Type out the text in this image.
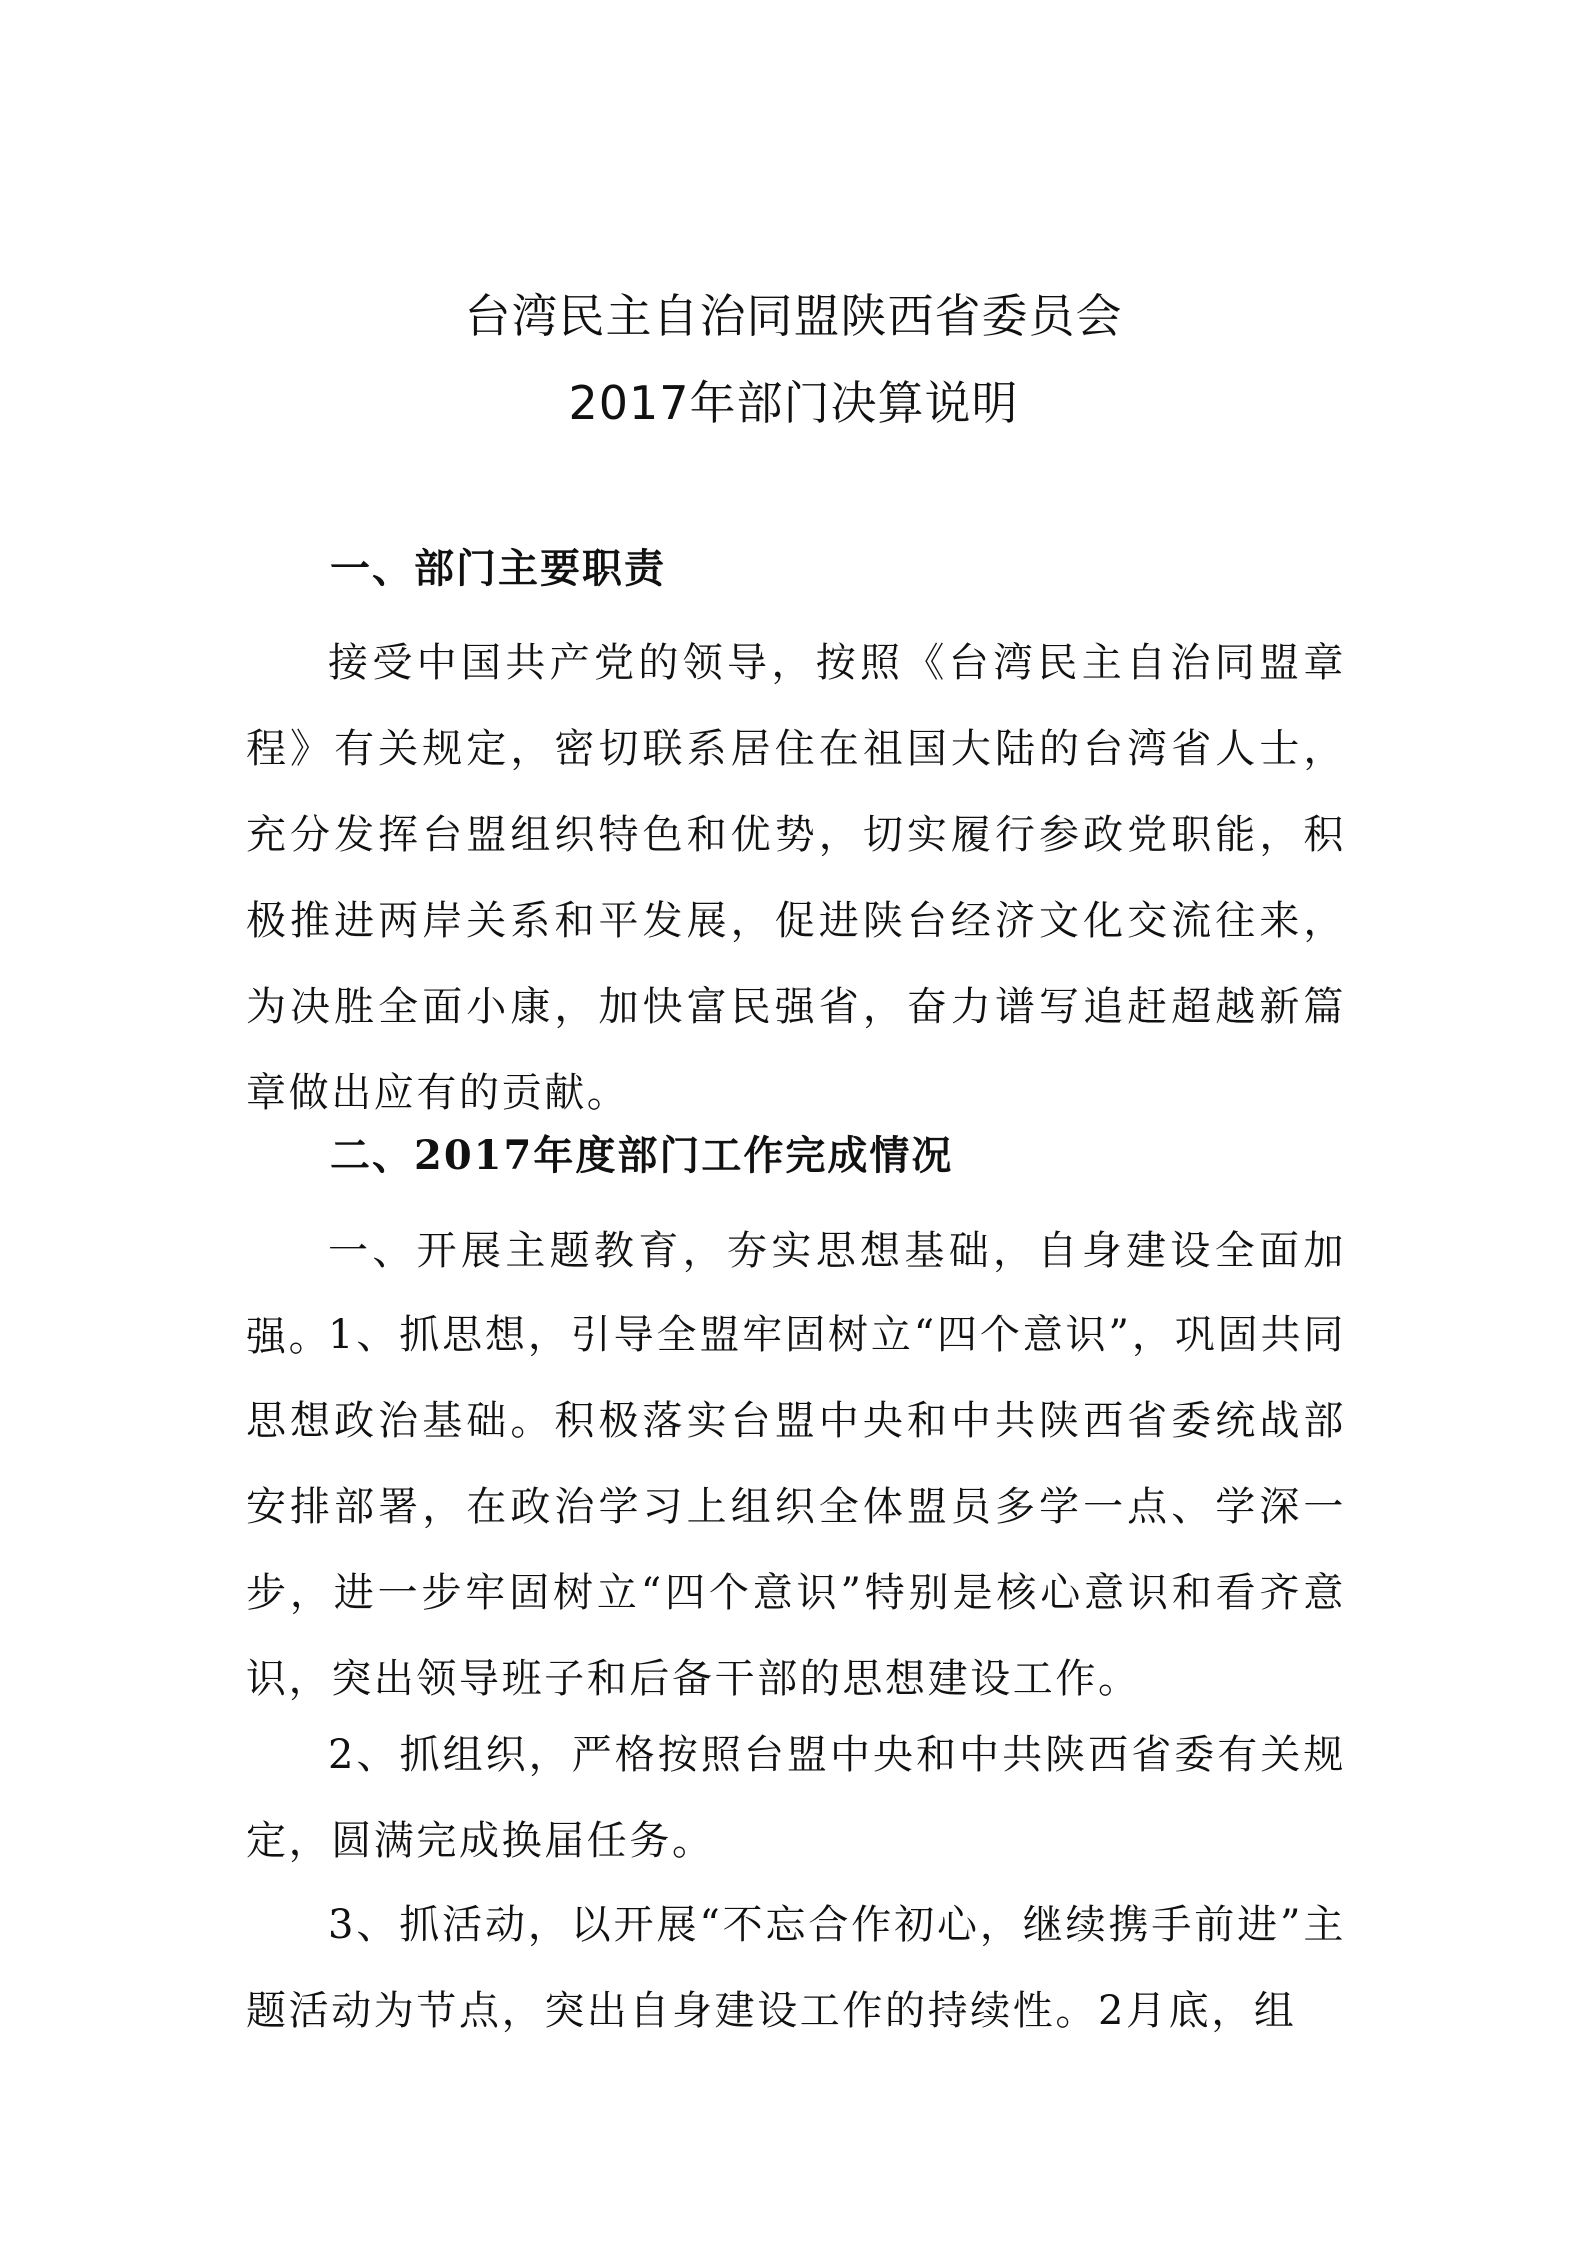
台湾民主自治同盟陕西省委员会
2017年部门决算说明
一、部门主要职责

接受中国共产党的领导，按照《台湾民主自治同盟章程》有关规定，密切联系居住在祖国大陆的台湾省人士，充分发挥台盟组织特色和优势，切实履行参政党职能，积极推进两岸关系和平发展，促进陕台经济文化交流往来，为决胜全面小康，加快富民强省，奋力谱写追赶超越新篇章做出应有的贡献。

二、2017年度部门工作完成情况

一、开展主题教育，夯实思想基础，自身建设全面加强。

1、抓思想，引导全盟牢固树立“四个意识”，巩固共同思想政治基础。积极落实台盟中央和中共陕西省委统战部安排部署，在政治学习上组织全体盟员多学一点、学深一步，进一步牢固树立“四个意识”特别是核心意识和看齐意识，突出领导班子和后备干部的思想建设工作。

2、抓组织，严格按照台盟中央和中共陕西省委有关规定，圆满完成换届任务。

3、抓活动，以开展“不忘合作初心，继续携手前进”主题活动为节点，突出自身建设工作的持续性。2月底，组
